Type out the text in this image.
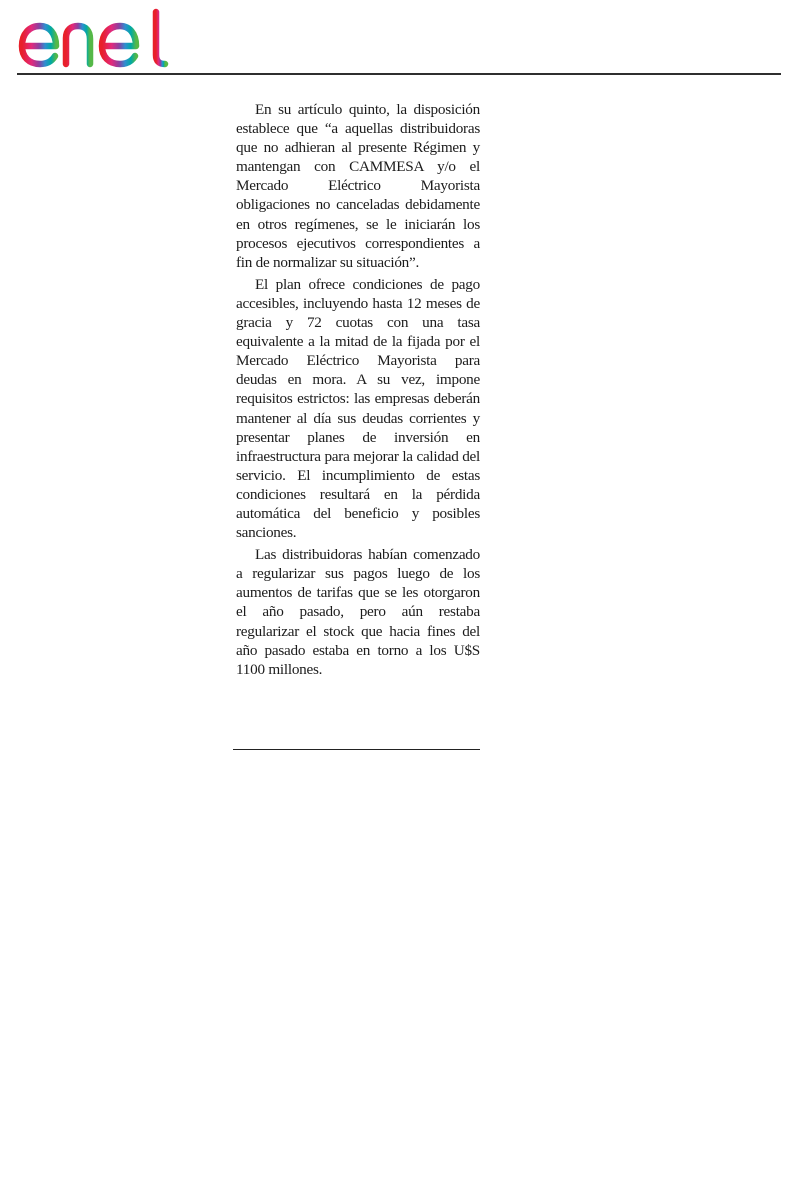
En su artículo quinto, la disposición establece que “a aquellas distribuidoras que no adhieran al presente Régimen y mantengan con CAMMESA y/o el Mercado Eléctrico Mayorista obligaciones no canceladas debidamente en otros regímenes, se le iniciarán los procesos ejecutivos correspondientes a fin de normalizar su situación”.

El plan ofrece condiciones de pago accesibles, incluyendo hasta 12 meses de gracia y 72 cuotas con una tasa equivalente a la mitad de la fijada por el Mercado Eléctrico Mayorista para deudas en mora. A su vez, impone requisitos estrictos: las empresas deberán mantener al día sus deudas corrientes y presentar planes de inversión en infraestructura para mejorar la calidad del servicio. El incumplimiento de estas condiciones resultará en la pérdida automática del beneficio y posibles sanciones.

Las distribuidoras habían comenzado a regularizar sus pagos luego de los aumentos de tarifas que se les otorgaron el año pasado, pero aún restaba regularizar el stock que hacia fines del año pasado estaba en torno a los U$S 1100 millones.
